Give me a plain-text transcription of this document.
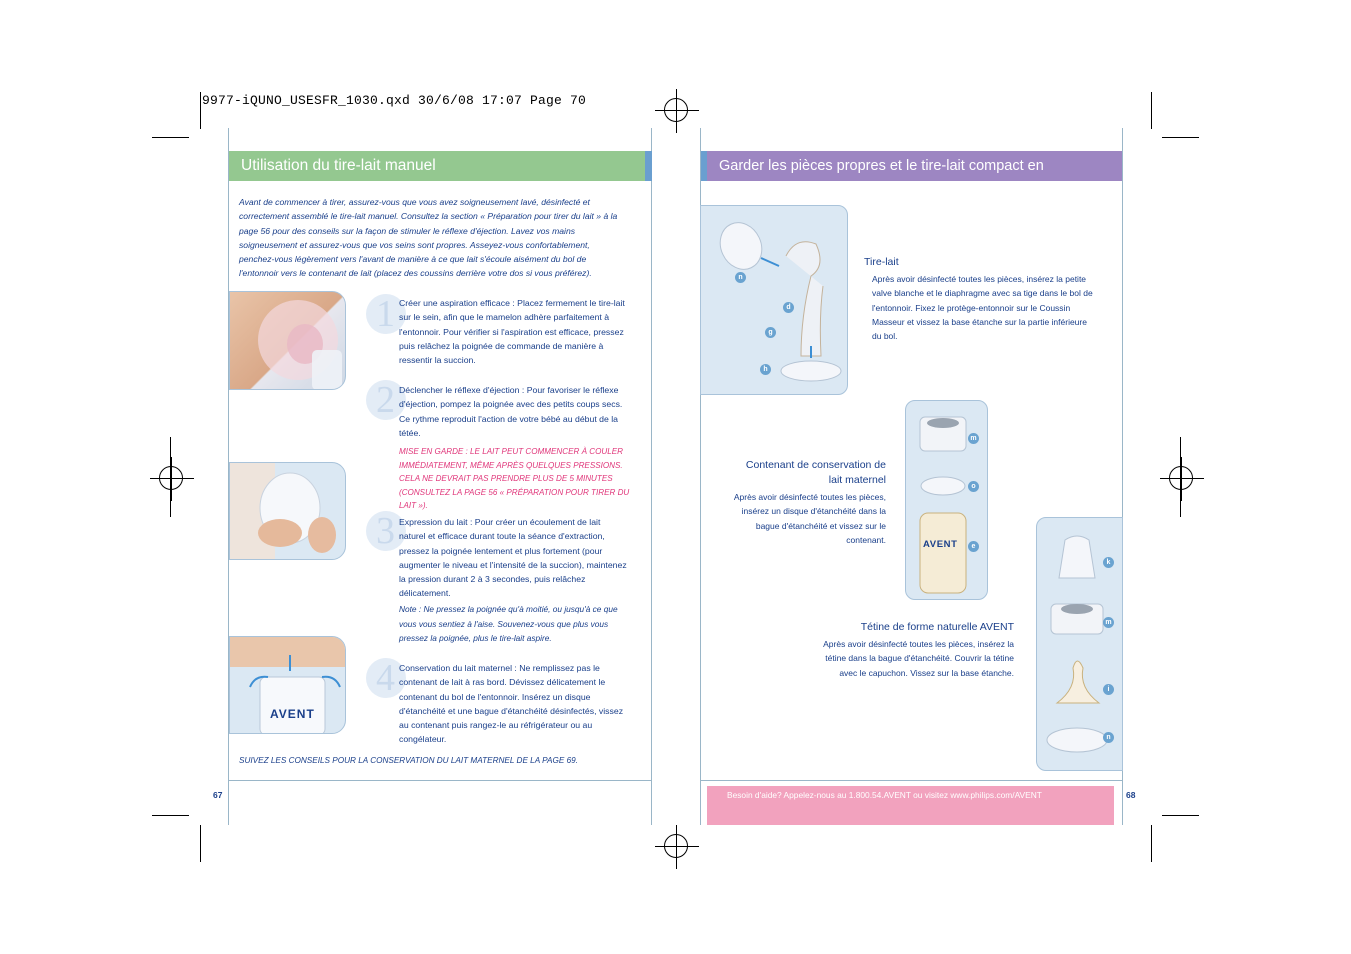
9977-iQUNO_USESFR_1030.qxd 30/6/08 17:07 Page 70
Utilisation du tire-lait manuel
Avant de commencer à tirer, assurez-vous que vous avez soigneusement lavé, désinfecté et correctement assemblé le tire-lait manuel. Consultez la section « Préparation pour tirer du lait » à la page 56 pour des conseils sur la façon de stimuler le réflexe d'éjection. Lavez vos mains soigneusement et assurez-vous que vos seins sont propres. Asseyez-vous confortablement, penchez-vous légèrement vers l'avant de manière à ce que lait s'écoule aisément du bol de l'entonnoir vers le contenant de lait (placez des coussins derrière votre dos si vous préférez).
AVENT
1 Créer une aspiration efficace : Placez fermement le tire-lait sur le sein, afin que le mamelon adhère parfaitement à l'entonnoir. Pour vérifier si l'aspiration est efficace, pressez puis relâchez la poignée de commande de manière à ressentir la succion.
2 Déclencher le réflexe d'éjection : Pour favoriser le réflexe d'éjection, pompez la poignée avec des petits coups secs. Ce rythme reproduit l'action de votre bébé au début de la tétée.
MISE EN GARDE : LE LAIT PEUT COMMENCER À COULER IMMÉDIATEMENT, MÊME APRÈS QUELQUES PRESSIONS. CELA NE DEVRAIT PAS PRENDRE PLUS DE 5 MINUTES (CONSULTEZ LA PAGE 56 « PRÉPARATION POUR TIRER DU LAIT »).
3 Expression du lait : Pour créer un écoulement de lait naturel et efficace durant toute la séance d'extraction, pressez la poignée lentement et plus fortement (pour augmenter le niveau et l'intensité de la succion), maintenez la pression durant 2 à 3 secondes, puis relâchez délicatement.
Note : Ne pressez la poignée qu'à moitié, ou jusqu'à ce que vous vous sentiez à l'aise. Souvenez-vous que plus vous pressez la poignée, plus le tire-lait aspire.
4 Conservation du lait maternel : Ne remplissez pas le contenant de lait à ras bord. Dévissez délicatement le contenant du bol de l'entonnoir. Insérez un disque d'étanchéité et une bague d'étanchéité désinfectés, vissez au contenant puis rangez-le au réfrigérateur ou au congélateur.
SUIVEZ LES CONSEILS POUR LA CONSERVATION DU LAIT MATERNEL DE LA PAGE 69.
67
Garder les pièces propres et le tire-lait compact en déplacement
n
d
g
h
Tire-lait
Après avoir désinfecté toutes les pièces, insérez la petite valve blanche et le diaphragme avec sa tige dans le bol de l'entonnoir. Fixez le protège-entonnoir sur le Coussin Masseur et vissez la base étanche sur la partie inférieure du bol.
AVENT
m
o
e
Contenant de conservation de lait maternel
Après avoir désinfecté toutes les pièces, insérez un disque d'étanchéité dans la bague d'étanchéité et vissez sur le contenant.
k
m
i
n
Tétine de forme naturelle AVENT
Après avoir désinfecté toutes les pièces, insérez la tétine dans la bague d'étanchéité. Couvrir la tétine avec le capuchon. Vissez sur la base étanche.
Besoin d'aide? Appelez-nous au 1.800.54.AVENT ou visitez www.philips.com/AVENT	68
